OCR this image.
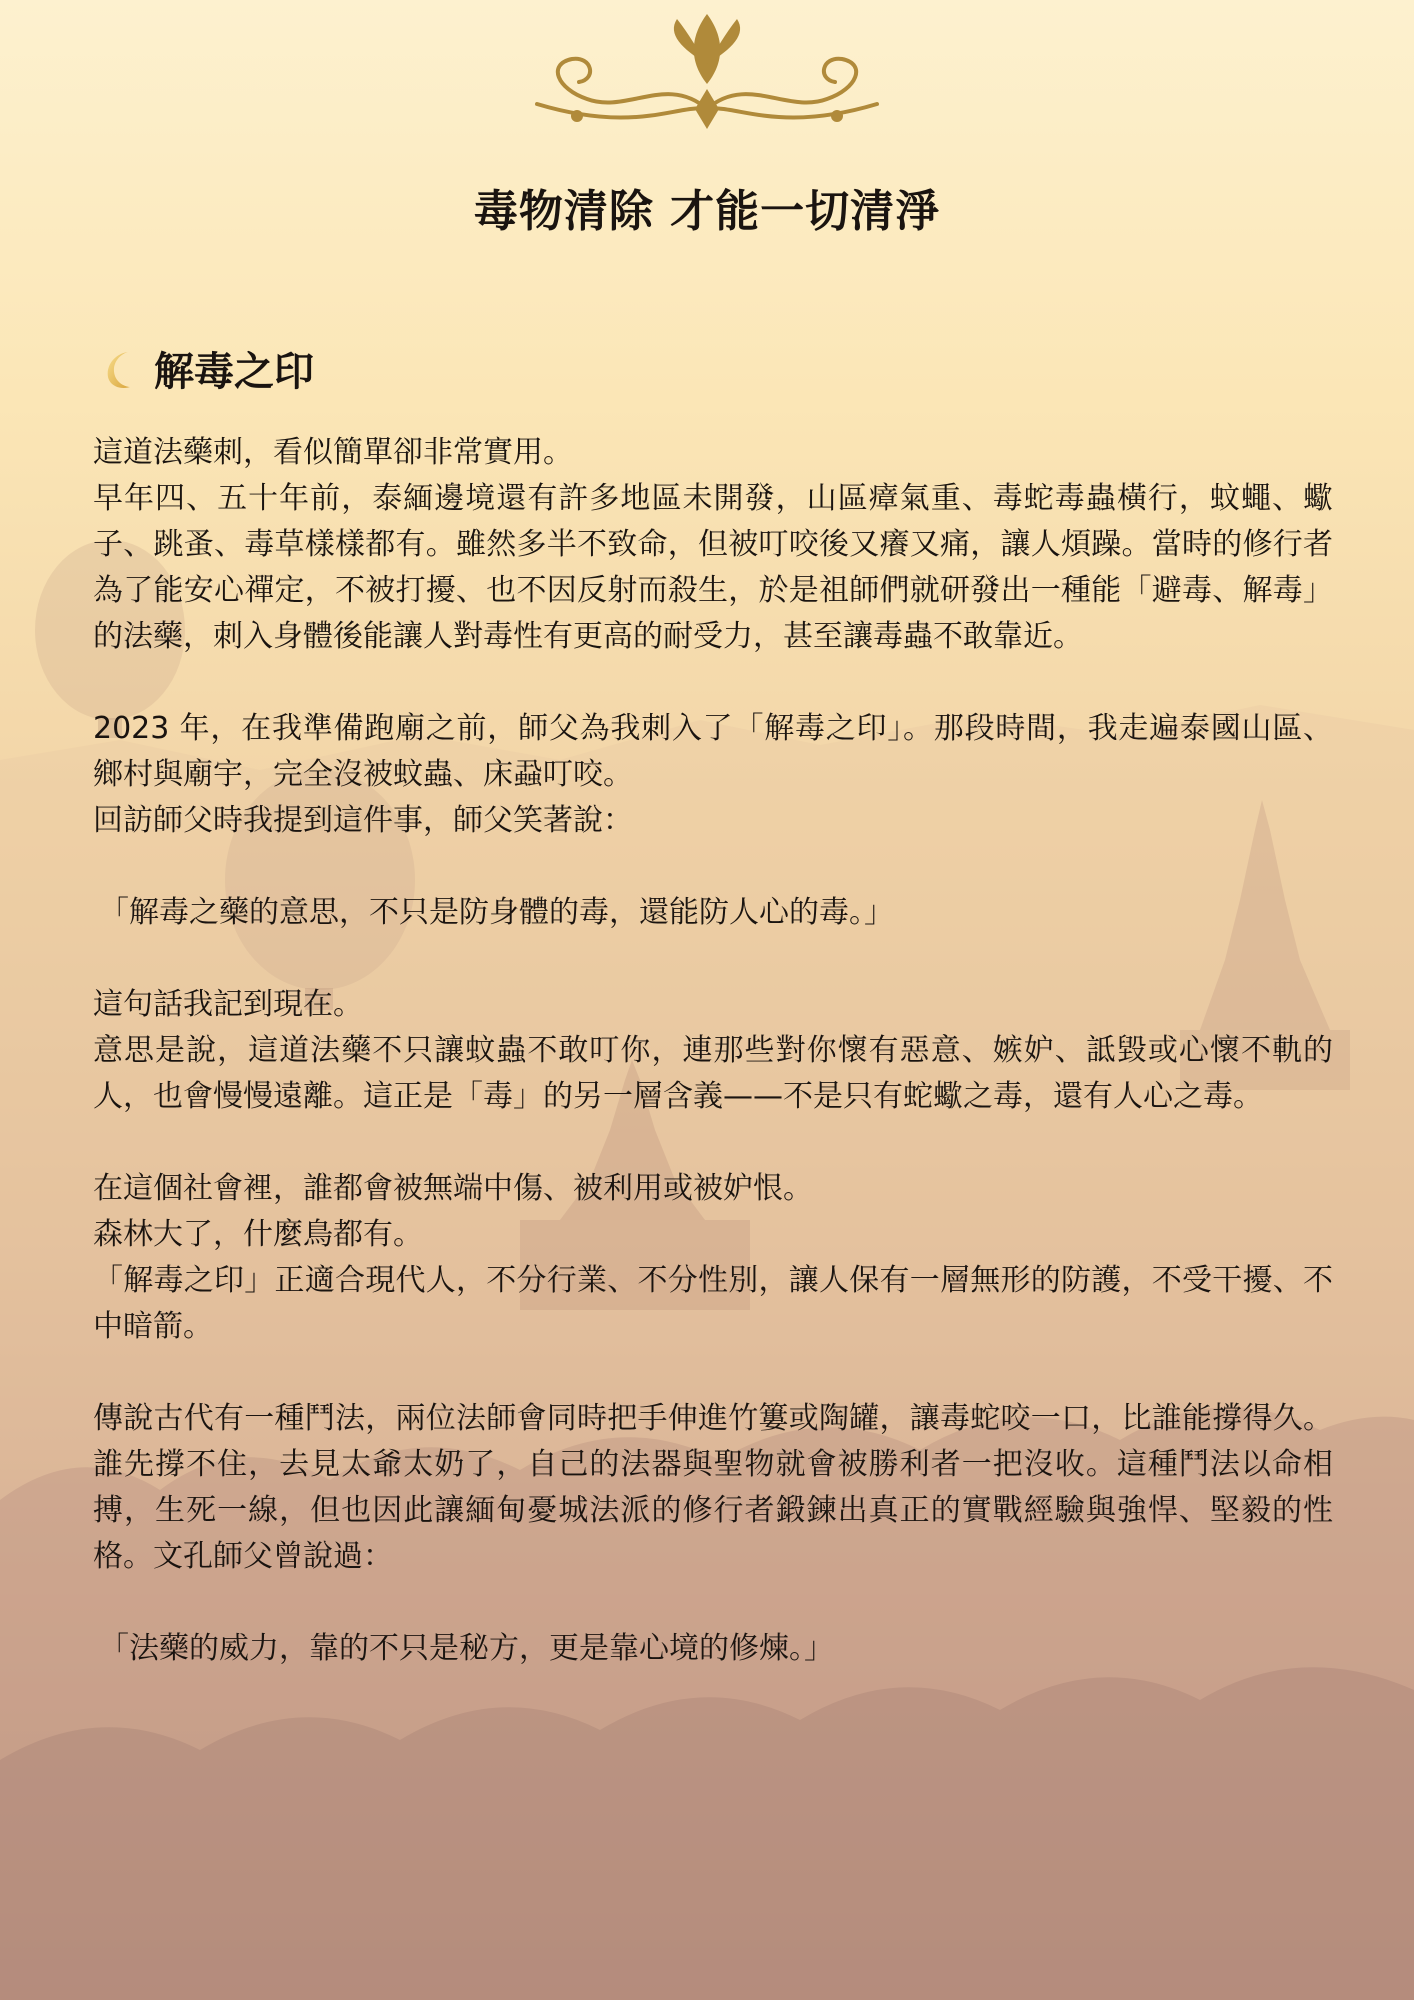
毒物清除 才能一切清淨
解毒之印

這道法藥刺，看似簡單卻非常實用。

早年四、五十年前，泰緬邊境還有許多地區未開發，山區瘴氣重、毒蛇毒蟲橫行，蚊蠅、蠍子、跳蚤、毒草樣樣都有。雖然多半不致命，但被叮咬後又癢又痛，讓人煩躁。當時的修行者為了能安心禪定，不被打擾、也不因反射而殺生，於是祖師們就研發出一種能「避毒、解毒」的法藥，刺入身體後能讓人對毒性有更高的耐受力，甚至讓毒蟲不敢靠近。

2023 年，在我準備跑廟之前，師父為我刺入了「解毒之印」。那段時間，我走遍泰國山區、鄉村與廟宇，完全沒被蚊蟲、床蝨叮咬。

回訪師父時我提到這件事，師父笑著說：

「解毒之藥的意思，不只是防身體的毒，還能防人心的毒。」

這句話我記到現在。

意思是說，這道法藥不只讓蚊蟲不敢叮你，連那些對你懷有惡意、嫉妒、詆毀或心懷不軌的人，也會慢慢遠離。這正是「毒」的另一層含義——不是只有蛇蠍之毒，還有人心之毒。

在這個社會裡，誰都會被無端中傷、被利用或被妒恨。

森林大了，什麼鳥都有。

「解毒之印」正適合現代人，不分行業、不分性別，讓人保有一層無形的防護，不受干擾、不中暗箭。

傳說古代有一種鬥法，兩位法師會同時把手伸進竹簍或陶罐，讓毒蛇咬一口，比誰能撐得久。誰先撐不住，去見太爺太奶了，自己的法器與聖物就會被勝利者一把沒收。這種鬥法以命相搏，生死一線，但也因此讓緬甸憂城法派的修行者鍛鍊出真正的實戰經驗與強悍、堅毅的性格。文孔師父曾說過：

「法藥的威力，靠的不只是秘方，更是靠心境的修煉。」
